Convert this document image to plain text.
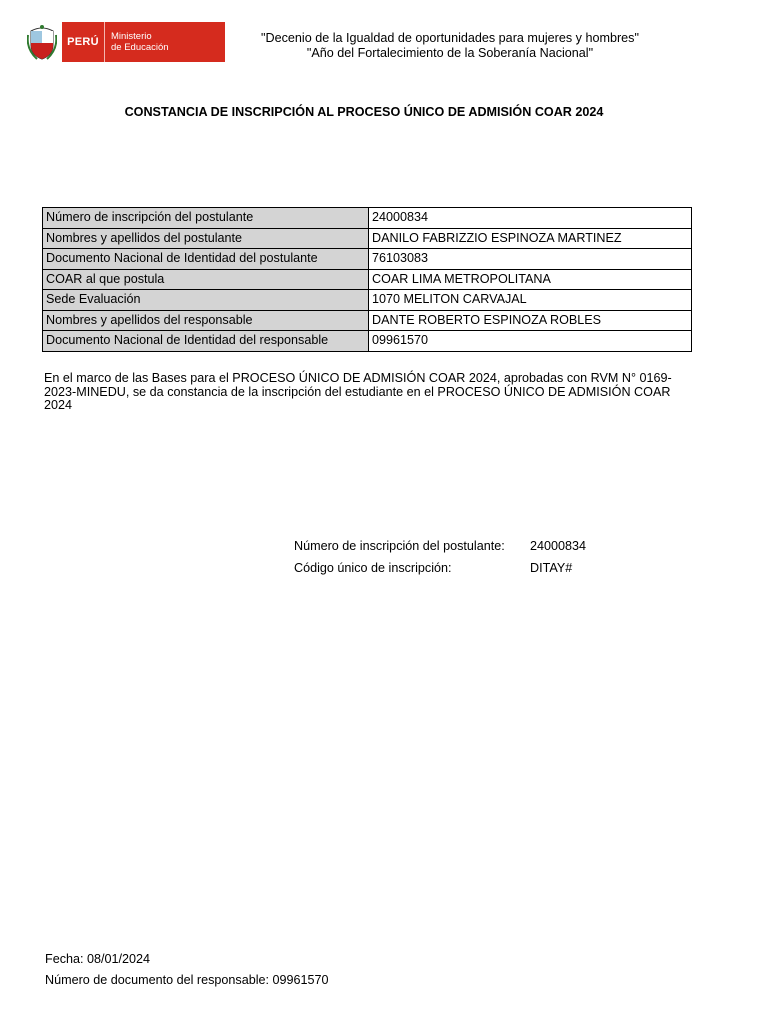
PERÚ	Ministerio
de Educación
"Decenio de la Igualdad de oportunidades para mujeres y hombres"
"Año del Fortalecimiento de la Soberanía Nacional"
CONSTANCIA DE INSCRIPCIÓN AL PROCESO ÚNICO DE ADMISIÓN COAR 2024
Número de inscripción del postulante	24000834
Nombres y apellidos del postulante	DANILO FABRIZZIO ESPINOZA MARTINEZ
Documento Nacional de Identidad del postulante	76103083
COAR al que postula	COAR LIMA METROPOLITANA
Sede Evaluación	1070 MELITON CARVAJAL
Nombres y apellidos del responsable	DANTE ROBERTO ESPINOZA ROBLES
Documento Nacional de Identidad del responsable	09961570
En el marco de las Bases para el PROCESO ÚNICO DE ADMISIÓN COAR 2024, aprobadas con RVM N° 0169-2023-MINEDU, se da constancia de la inscripción del estudiante en el PROCESO ÚNICO DE ADMISIÓN COAR 2024
Número de inscripción del postulante:	24000834
Código único de inscripción:	DITAY#
Fecha: 08/01/2024
Número de documento del responsable: 09961570
